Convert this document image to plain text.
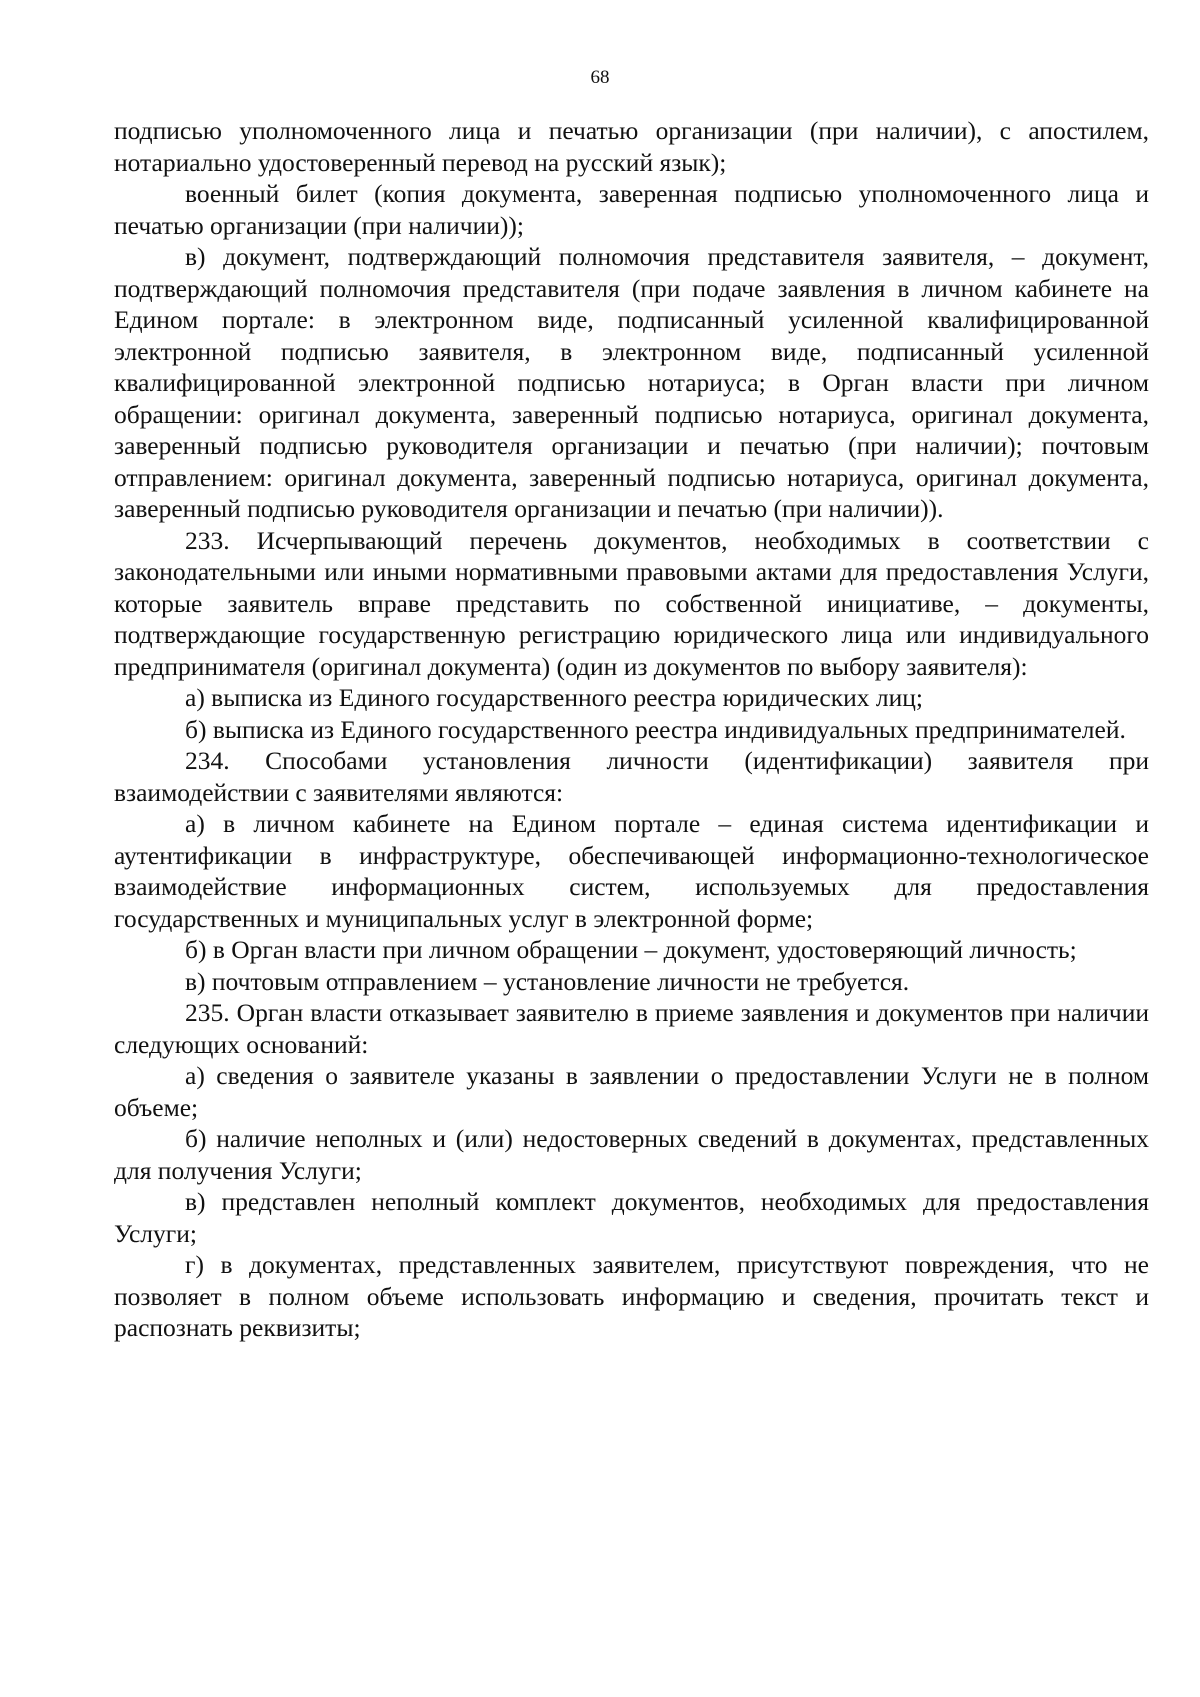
68

подписью уполномоченного лица и печатью организации (при наличии), с апостилем, нотариально удостоверенный перевод на русский язык);

военный билет (копия документа, заверенная подписью уполномоченного лица и печатью организации (при наличии));

в) документ, подтверждающий полномочия представителя заявителя, – документ, подтверждающий полномочия представителя (при подаче заявления в личном кабинете на Едином портале: в электронном виде, подписанный усиленной квалифицированной электронной подписью заявителя, в электронном виде, подписанный усиленной квалифицированной электронной подписью нотариуса; в Орган власти при личном обращении: оригинал документа, заверенный подписью нотариуса, оригинал документа, заверенный подписью руководителя организации и печатью (при наличии); почтовым отправлением: оригинал документа, заверенный подписью нотариуса, оригинал документа, заверенный подписью руководителя организации и печатью (при наличии)).

233. Исчерпывающий перечень документов, необходимых в соответствии с законодательными или иными нормативными правовыми актами для предоставления Услуги, которые заявитель вправе представить по собственной инициативе, – документы, подтверждающие государственную регистрацию юридического лица или индивидуального предпринимателя (оригинал документа) (один из документов по выбору заявителя):

а) выписка из Единого государственного реестра юридических лиц;

б) выписка из Единого государственного реестра индивидуальных предпринимателей.

234. Способами установления личности (идентификации) заявителя при взаимодействии с заявителями являются:

а) в личном кабинете на Едином портале – единая система идентификации и аутентификации в инфраструктуре, обеспечивающей информационно-технологическое взаимодействие информационных систем, используемых для предоставления государственных и муниципальных услуг в электронной форме;

б) в Орган власти при личном обращении – документ, удостоверяющий личность;

в) почтовым отправлением – установление личности не требуется.

235. Орган власти отказывает заявителю в приеме заявления и документов при наличии следующих оснований:

а) сведения о заявителе указаны в заявлении о предоставлении Услуги не в полном объеме;

б) наличие неполных и (или) недостоверных сведений в документах, представленных для получения Услуги;

в) представлен неполный комплект документов, необходимых для предоставления Услуги;

г) в документах, представленных заявителем, присутствуют повреждения, что не позволяет в полном объеме использовать информацию и сведения, прочитать текст и распознать реквизиты;
